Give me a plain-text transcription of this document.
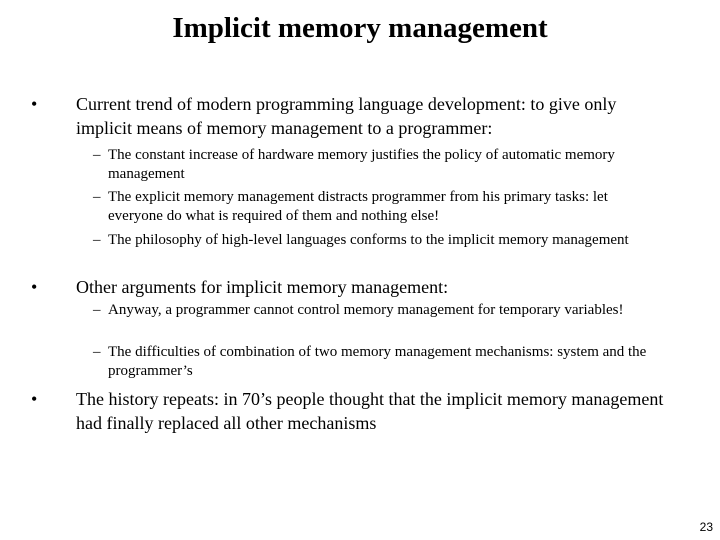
Implicit memory management
• Current trend of modern programming language development: to give only implicit means of memory management to a programmer:
– The constant increase of hardware memory justifies the policy of automatic memory management
– The explicit memory management distracts programmer from his primary tasks: let everyone do what is required of them and nothing else!
– The philosophy of high-level languages conforms to the implicit memory management
• Other arguments for implicit memory management:
– Anyway, a programmer cannot control memory management for temporary variables!
– The difficulties of combination of two memory management mechanisms: system and the programmer’s
• The history repeats: in 70’s people thought that the implicit memory management had finally replaced all other mechanisms
23
